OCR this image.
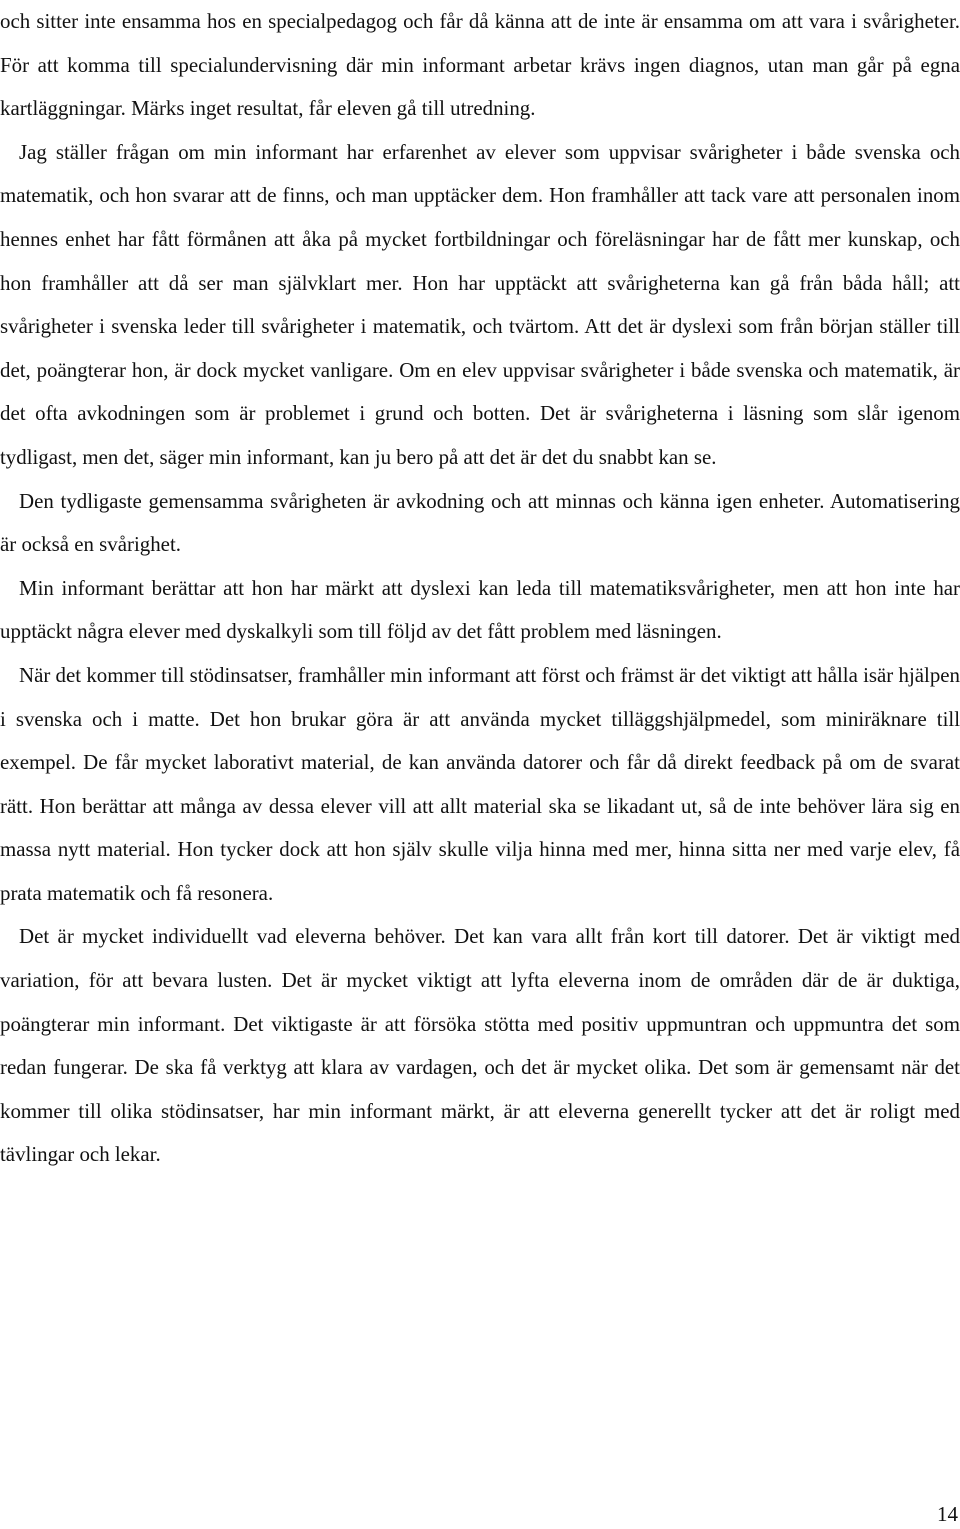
och sitter inte ensamma hos en specialpedagog och får då känna att de inte är ensamma om att vara i svårigheter. För att komma till specialundervisning där min informant arbetar krävs ingen diagnos, utan man går på egna kartläggningar. Märks inget resultat, får eleven gå till utredning.

Jag ställer frågan om min informant har erfarenhet av elever som uppvisar svårigheter i både svenska och matematik, och hon svarar att de finns, och man upptäcker dem. Hon framhåller att tack vare att personalen inom hennes enhet har fått förmånen att åka på mycket fortbildningar och föreläsningar har de fått mer kunskap, och hon framhåller att då ser man självklart mer. Hon har upptäckt att svårigheterna kan gå från båda håll; att svårigheter i svenska leder till svårigheter i matematik, och tvärtom. Att det är dyslexi som från början ställer till det, poängterar hon, är dock mycket vanligare. Om en elev uppvisar svårigheter i både svenska och matematik, är det ofta avkodningen som är problemet i grund och botten. Det är svårigheterna i läsning som slår igenom tydligast, men det, säger min informant, kan ju bero på att det är det du snabbt kan se.

Den tydligaste gemensamma svårigheten är avkodning och att minnas och känna igen enheter. Automatisering är också en svårighet.

Min informant berättar att hon har märkt att dyslexi kan leda till matematiksvårigheter, men att hon inte har upptäckt några elever med dyskalkyli som till följd av det fått problem med läsningen.

När det kommer till stödinsatser, framhåller min informant att först och främst är det viktigt att hålla isär hjälpen i svenska och i matte. Det hon brukar göra är att använda mycket tilläggshjälpmedel, som miniräknare till exempel. De får mycket laborativt material, de kan använda datorer och får då direkt feedback på om de svarat rätt. Hon berättar att många av dessa elever vill att allt material ska se likadant ut, så de inte behöver lära sig en massa nytt material. Hon tycker dock att hon själv skulle vilja hinna med mer, hinna sitta ner med varje elev, få prata matematik och få resonera.

Det är mycket individuellt vad eleverna behöver. Det kan vara allt från kort till datorer. Det är viktigt med variation, för att bevara lusten. Det är mycket viktigt att lyfta eleverna inom de områden där de är duktiga, poängterar min informant. Det viktigaste är att försöka stötta med positiv uppmuntran och uppmuntra det som redan fungerar. De ska få verktyg att klara av vardagen, och det är mycket olika. Det som är gemensamt när det kommer till olika stödinsatser, har min informant märkt, är att eleverna generellt tycker att det är roligt med tävlingar och lekar.

14
